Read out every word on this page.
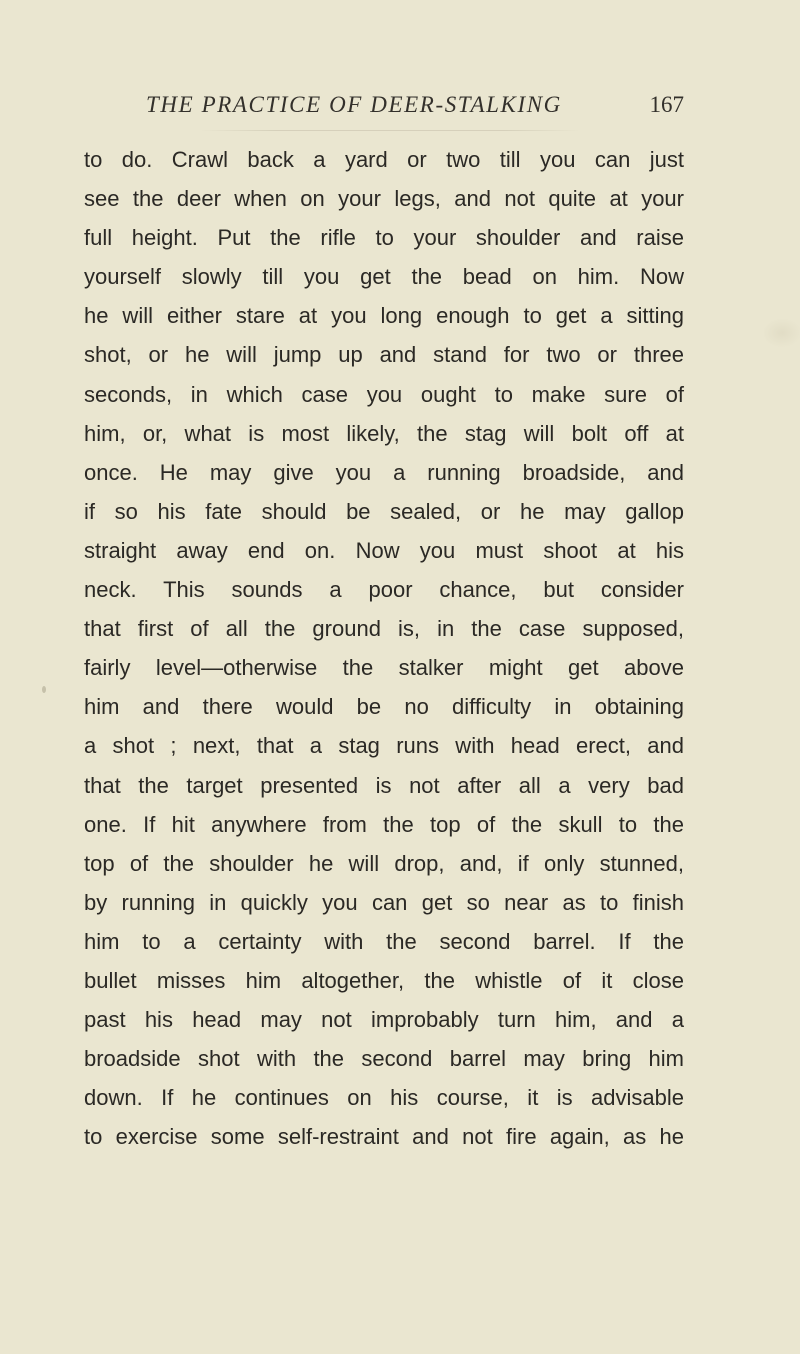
THE PRACTICE OF DEER-STALKING	167
to do. Crawl back a yard or two till you can just
see the deer when on your legs, and not quite at your
full height. Put the rifle to your shoulder and raise
yourself slowly till you get the bead on him. Now
he will either stare at you long enough to get a sitting
shot, or he will jump up and stand for two or three
seconds, in which case you ought to make sure of
him, or, what is most likely, the stag will bolt off at
once. He may give you a running broadside, and
if so his fate should be sealed, or he may gallop
straight away end on. Now you must shoot at his
neck. This sounds a poor chance, but consider
that first of all the ground is, in the case supposed,
fairly level—otherwise the stalker might get above
him and there would be no difficulty in obtaining
a shot ; next, that a stag runs with head erect, and
that the target presented is not after all a very bad
one. If hit anywhere from the top of the skull to the
top of the shoulder he will drop, and, if only stunned,
by running in quickly you can get so near as to finish
him to a certainty with the second barrel. If the
bullet misses him altogether, the whistle of it close
past his head may not improbably turn him, and a
broadside shot with the second barrel may bring him
down. If he continues on his course, it is advisable
to exercise some self-restraint and not fire again, as he
